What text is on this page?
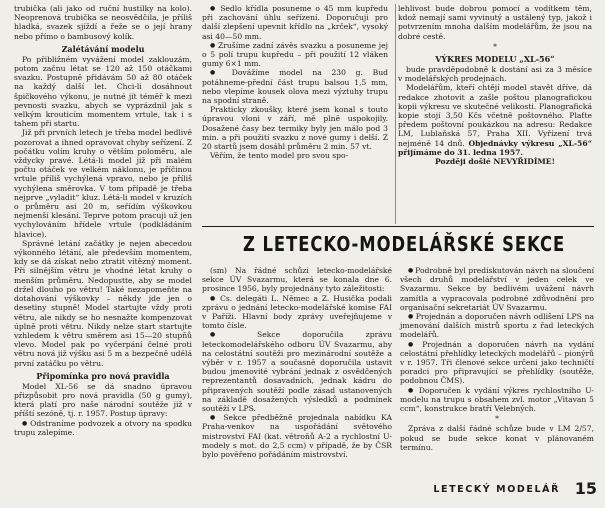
trubička (ali jako od ruční hustilky na kolo). Neoprenová trubička se neosvědčila, je příliš hladká, svazek sjíždí a řeže se o její hrany nebo přímo o bambusový kolík.

Zalétávání modelu

Po přibližném vyvážení model zaklouzám, potom začnu létat se 120 až 150 otáčkami svazku. Postupně přidávám 50 až 80 otáček na každý další let. Chci-li dosáhnout špičkového výkonu, je nutné jít téměř k mezi pevnosti svazku, abych se vyprázdnil jak s velkým krouticím momentem vrtule, tak i s tahem při startu.

Již při prvních letech je třeba model bedlivě pozorovat a ihned opravovat chyby seřízení. Z počátku volím kruhy o větším poloměru, ale vždycky pravé. Létá-li model již při malém počtu otáček ve velkém náklonu, je příčinou vrtule příliš vychýlená vpravo, nebo je příliš vychýlena směrovka. V tom případě je třeba nejprve „vyladit“ kluz. Létá-li model v kruzích o průměru asi 20 m, seřídím výškovkou nejmenší klesání. Teprve potom pracuji už jen vychylováním hřídele vrtule (podkládáním hlavice).

Správné letání začátky je nejen abecedou výkonného létání, ale především momentem, kdy se dá získat nebo ztratit vítězný moment. Při silnějším větru je vhodné létat kruhy o menším průměru. Nedopustte, aby se model držel dlouho po větru! Také nezapomeňte na dotahování výškovky – někdy jde jen o desetiny stupně! Model startujte vždy proti větru, ale nikdy se ho nesnažte kompenzovat úplně proti větru. Nikdy nelze start startujte vzhledem k větru směrem asi 15—20 stupňů vlevo. Model pak po vyčerpání čelné proti větru nová již výšku asi 5 m a bezpečně udělá první zatáčku po větru.

Připomínka pro nová pravidla

Model XL-56 se dá snadno úpravou přizpůsobit pro nová pravidla (50 g gumy), která platí pro naše národní soutěže již v příští sezóně, tj. r. 1957. Postup úpravy:

● Odstraníme podvozek a otvory na spodku trupu zalepíme.

● Sedlo křídla posuneme o 45 mm kupředu při zachování úhlu seřízení. Doporučuji pro další zlepšení upevnit křídlo na „krček“, vysoký asi 40—50 mm.

● Zrušíme zadní závěs svazku a posuneme jej o 5 polí trupu kupředu – při použití 12 vláken gumy 6×1 mm.

● Dovážíme model na 230 g. Bud potáhneme‑přední část trupu balsou 1,5 mm, nebo vlepíme kousek olova mezi výztuhy trupu na spodní straně.

Prakticky zkoušky, které jsem konal s touto úpravou vloni v září, mě plně uspokojily. Dosažené časy bez termiky byly jen málo pod 3 min. a při použití svazku z nové gumy i delší. Z 20 startů jsem dosáhl průměru 2 min. 57 vt.

Věřím, že tento model pro svou spo-

lehlivost bude dobrou pomocí a vodítkem těm, kdož nemají sami vyvinutý a ustálený typ, jakož i potvrzením mnoha dalším modelářům, že jsou na dobré cestě.

*
VÝKRES MODELU „XL-56“

bude pravděpodobně k dostání asi za 3 měsíce v modelářských prodejnách.

Modelářům, kteří chtějí model stavět dříve, dá redakce zhotovit a zašle poštou planografickou kopii výkresu ve skutečné velikosti. Planografická kopie stojí 3,50 Kčs včetně poštovného. Plaťte předem poštovní poukázkou na adresu: Redakce LM, Lublaňská 57, Praha XII. Vyřízení trvá nejméně 14 dnů. Objednávky výkresu „XL-56“ přijímáme do 31. ledna 1957.

Později došlé NEVYŘIDÍME!

Z LETECKO-MODELÁŘSKÉ SEKCE

(sm) Na řádné schůzi letecko-modelářské sekce ÚV Svazarmu, která se konala dne 6. prosince 1956, byly projednány tyto záležitosti:

● Cs. delegáti L. Němec a Z. Husička podali zprávu o jednání letecko-modelářské komise FAI v Paříži. Hlavní body zprávy uveřejňujeme v tomto čísle.

● Sekce doporučila zprávu leteckomodelářského odboru ÚV Svazarmu, aby na celostátní soutěži pro mezinárodní soutěže a výběr v r. 1957 a současně doporučila ustavit budou jmenovité vybrání jednak z osvědčených reprezentantů dosavadních, jednak kádru do připravených soutěží podle zásad ustanovených na základě dosažených výsledků a podmínek soutěží v LPS.

● Sekce předběžně projednala nabídku KA Praha-venkov na uspořádání světového mistrovství FAI (kat. větroňů A-2 a rychlostní U-modely s mot. do 2,5 ccm) v případě, že by ČSR bylo pověřeno pořádáním mistrovství.

● Podrobně byl prediskutován návrh na sloučení všech druhů modelářství v jeden celek ve Svazarmu. Sekce by bedlivém uvážení návrh zamítla a vypracovala podrobné zdůvodnění pro organisační sekretariát ÚV Svazarmu.

● Projednán a doporučen návrh odlišení LPS na jmenování dalších mistrů sportu z řad leteckých modelářů.

● Projednán a doporučen návrh na vydání celostátní přehlídky leteckých modelářů – pionýrů v r. 1957. Tři členové sekce určeni jako techničtí poradci pro připravující se přehlídky (soutěže, podobnou ČMS).

● Doporučen k vydání výkres rychlostního U-modelu na trupu s obsahem zvl. motor „Vitavan 5 ccm“, konstrukce bratří Velebných.

*

Zpráva z další řádné schůze bude v LM 2/57, pokud se bude sekce konat v plánovaném termínu.

LETECKÝ MODELÁŘ 15
